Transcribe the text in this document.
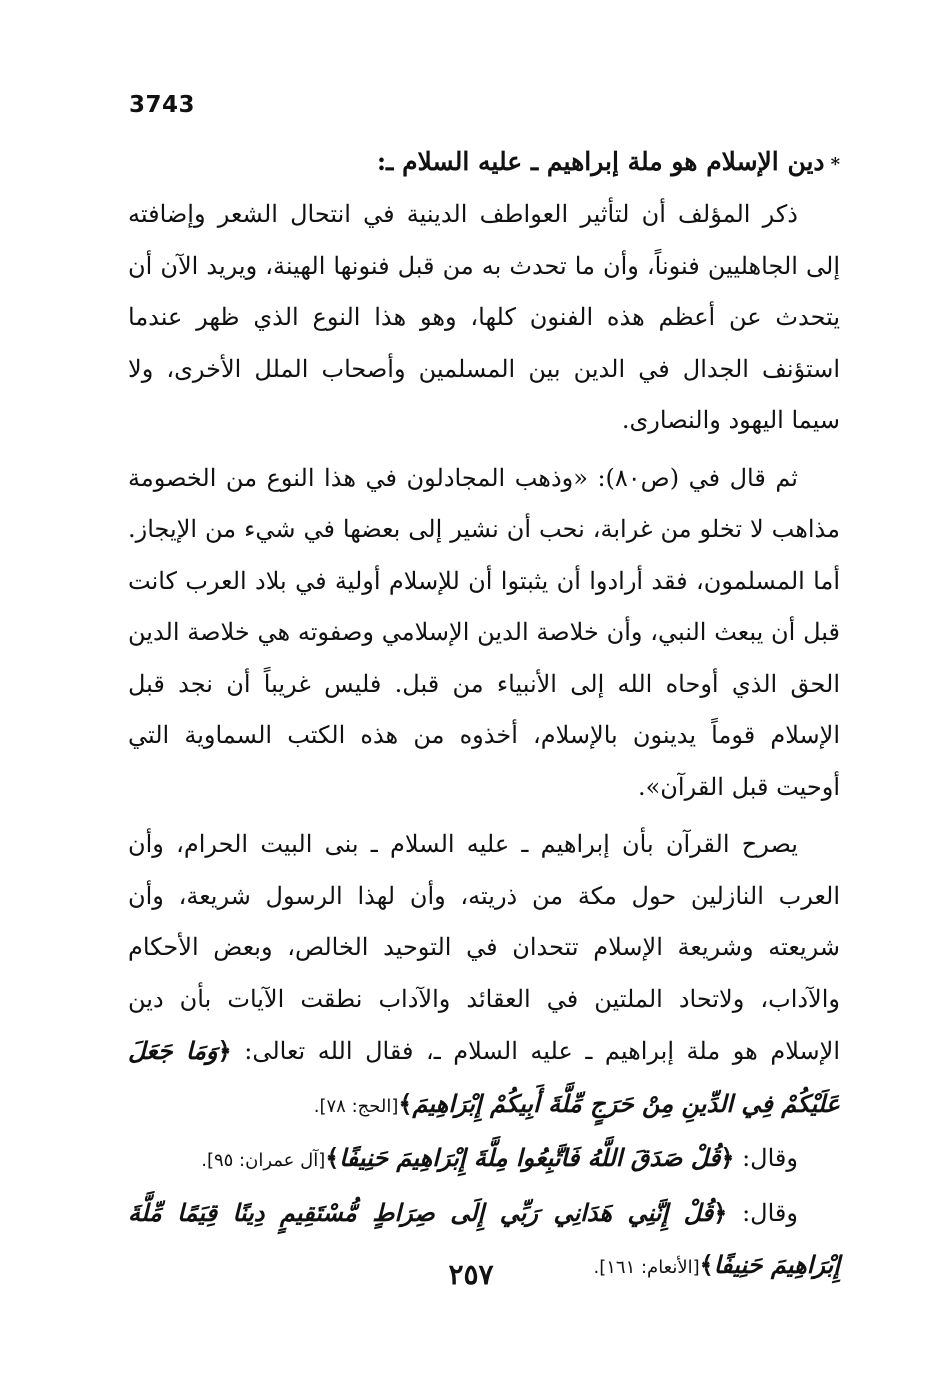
3743
*دين الإسلام هو ملة إبراهيم ـ عليه السلام ـ:

ذكر المؤلف أن لتأثير العواطف الدينية في انتحال الشعر وإضافته إلى الجاهليين فنوناً، وأن ما تحدث به من قبل فنونها الهينة، ويريد الآن أن يتحدث عن أعظم هذه الفنون كلها، وهو هذا النوع الذي ظهر عندما استؤنف الجدال في الدين بين المسلمين وأصحاب الملل الأخرى، ولا سيما اليهود والنصارى.

ثم قال في (ص٨٠): «وذهب المجادلون في هذا النوع من الخصومة مذاهب لا تخلو من غرابة، نحب أن نشير إلى بعضها في شيء من الإيجاز. أما المسلمون، فقد أرادوا أن يثبتوا أن للإسلام أولية في بلاد العرب كانت قبل أن يبعث النبي، وأن خلاصة الدين الإسلامي وصفوته هي خلاصة الدين الحق الذي أوحاه الله إلى الأنبياء من قبل. فليس غريباً أن نجد قبل الإسلام قوماً يدينون بالإسلام، أخذوه من هذه الكتب السماوية التي أوحيت قبل القرآن».

يصرح القرآن بأن إبراهيم ـ عليه السلام ـ بنى البيت الحرام، وأن العرب النازلين حول مكة من ذريته، وأن لهذا الرسول شريعة، وأن شريعته وشريعة الإسلام تتحدان في التوحيد الخالص، وبعض الأحكام والآداب، ولاتحاد الملتين في العقائد والآداب نطقت الآيات بأن دين الإسلام هو ملة إبراهيم ـ عليه السلام ـ، فقال الله تعالى: ﴿وَمَا جَعَلَ عَلَيْكُمْ فِي الدِّينِ مِنْ حَرَجٍ مِّلَّةَ أَبِيكُمْ إِبْرَاهِيمَ﴾[الحج: ٧٨].

وقال: ﴿قُلْ صَدَقَ اللَّهُ فَاتَّبِعُوا مِلَّةَ إِبْرَاهِيمَ حَنِيفًا﴾[آل عمران: ٩٥].

وقال: ﴿قُلْ إِنَّنِي هَدَانِي رَبِّي إِلَى صِرَاطٍ مُّسْتَقِيمٍ دِينًا قِيَمًا مِّلَّةَ إِبْرَاهِيمَ حَنِيفًا﴾[الأنعام: ١٦١].

٢٥٧
